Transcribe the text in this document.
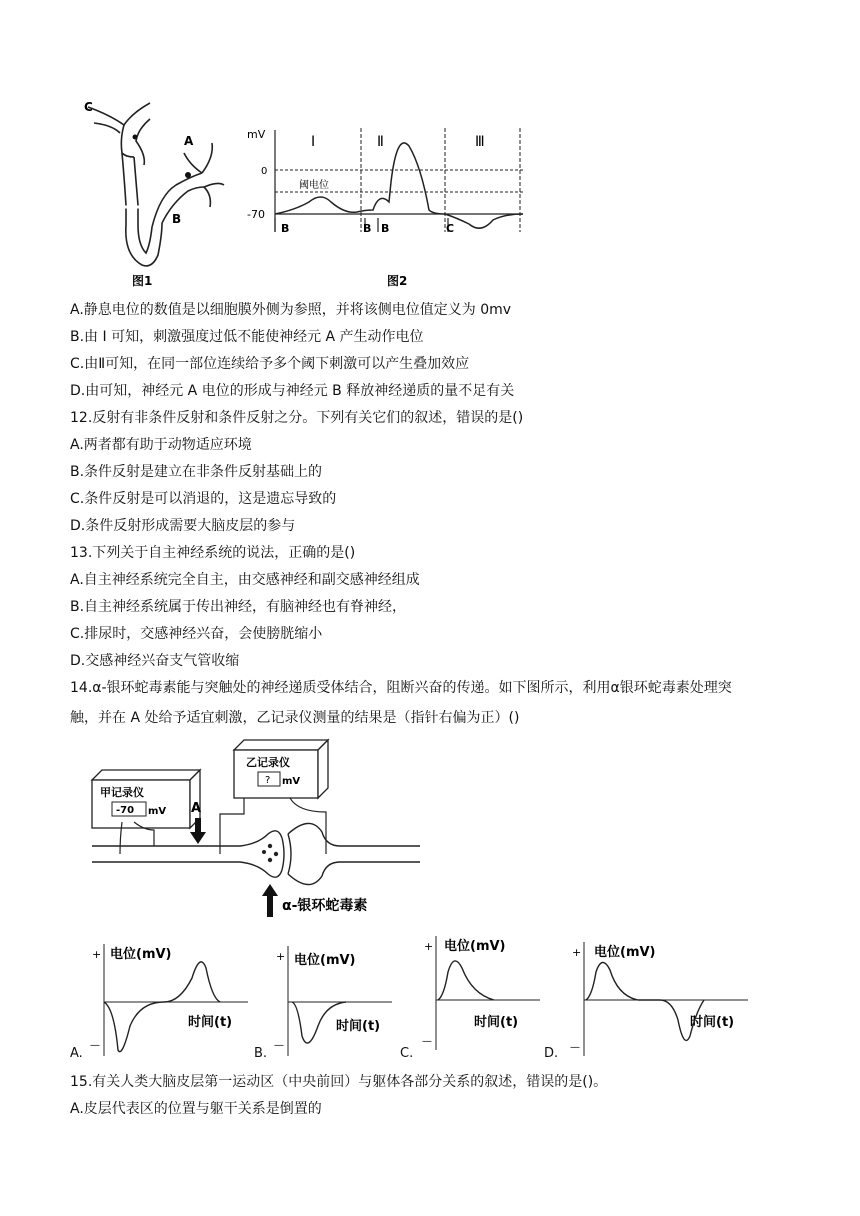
C
A
B
图1
mV
0
-70
阈电位
Ⅰ	Ⅱ	Ⅲ
B	B B	C
图2
A.静息电位的数值是以细胞膜外侧为参照，并将该侧电位值定义为 0mv
B.由 I 可知，刺激强度过低不能使神经元 A 产生动作电位
C.由Ⅱ可知，在同一部位连续给予多个阈下刺激可以产生叠加效应
D.由可知，神经元 A 电位的形成与神经元 B 释放神经递质的量不足有关
12.反射有非条件反射和条件反射之分。下列有关它们的叙述，错误的是()
A.两者都有助于动物适应环境
B.条件反射是建立在非条件反射基础上的
C.条件反射是可以消退的，这是遗忘导致的
D.条件反射形成需要大脑皮层的参与
13.下列关于自主神经系统的说法，正确的是()
A.自主神经系统完全自主，由交感神经和副交感神经组成
B.自主神经系统属于传出神经，有脑神经也有脊神经，
C.排尿时，交感神经兴奋，会使膀胱缩小
D.交感神经兴奋支气管收缩
14.α-银环蛇毒素能与突触处的神经递质受体结合，阻断兴奋的传递。如下图所示，利用α银环蛇毒素处理突
触，并在 A 处给予适宜刺激，乙记录仪测量的结果是（指针右偏为正）()
甲记录仪
-70 mV
乙记录仪
? mV
A
α-银环蛇毒素
+
—
电位(mV)
时间(t)
A.
+
—
电位(mV)
时间(t)
B.
+
—
电位(mV)
时间(t)
C.
+
—
电位(mV)
时间(t)
D.
15.有关人类大脑皮层第一运动区（中央前回）与躯体各部分关系的叙述，错误的是()。
A.皮层代表区的位置与躯干关系是倒置的
